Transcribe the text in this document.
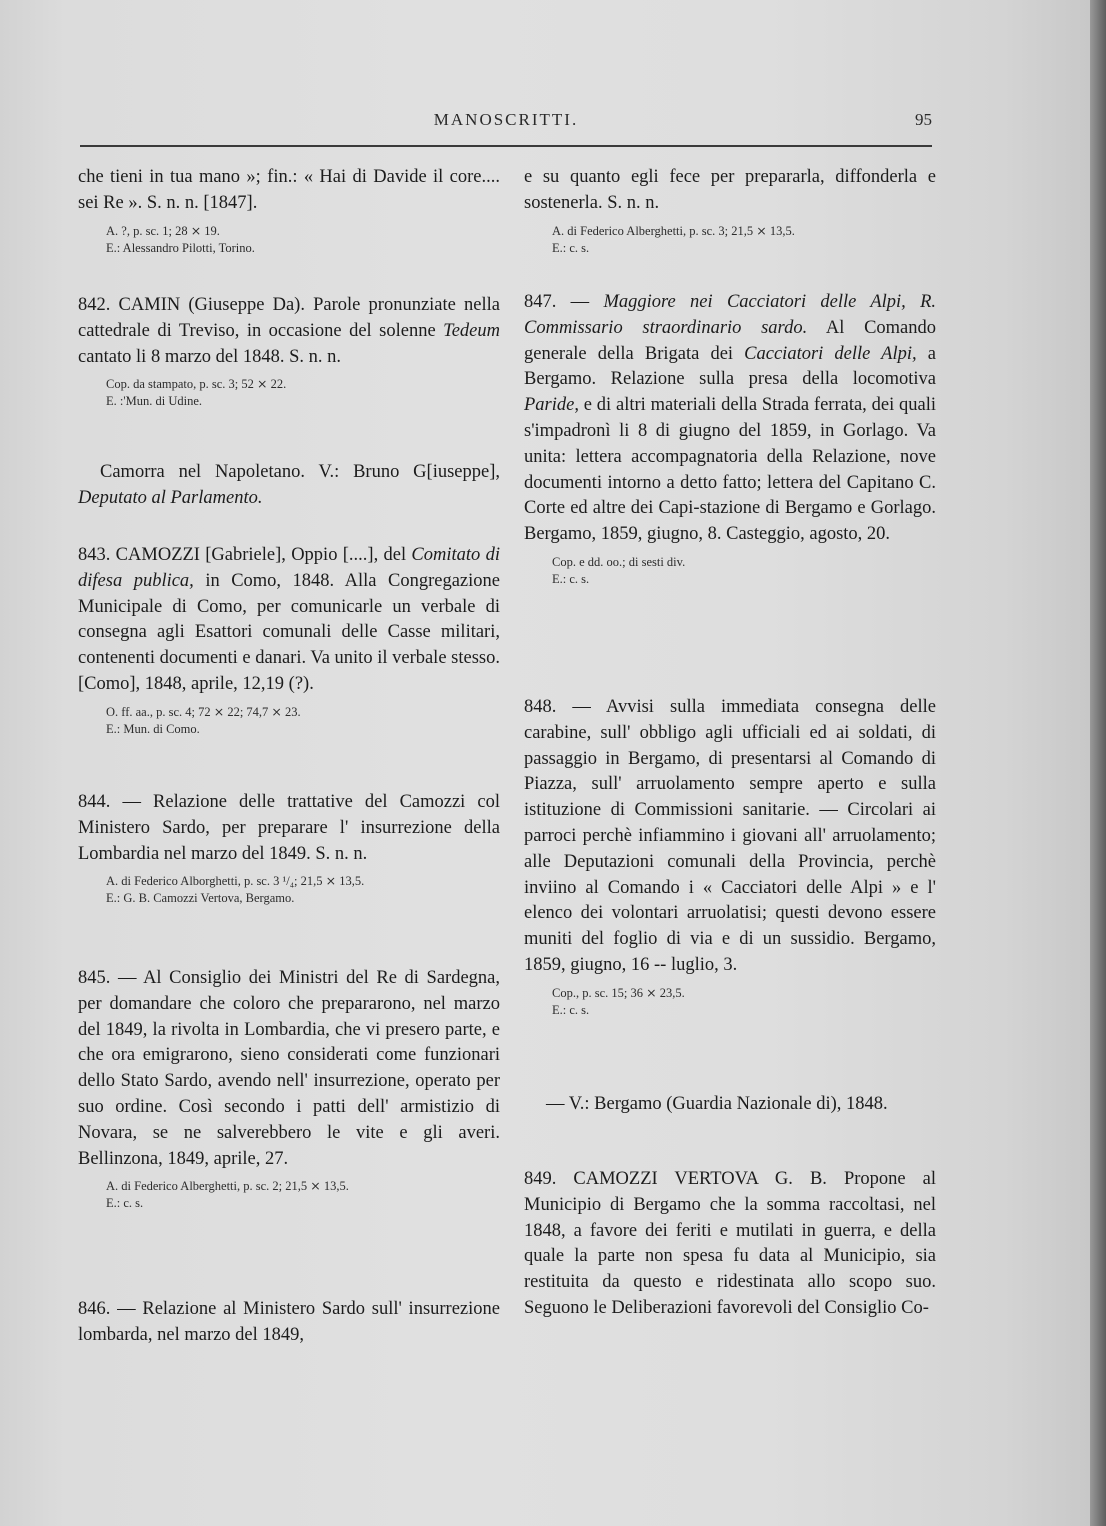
MANOSCRITTI.	95

che tieni in tua mano »; fin.: « Hai di Davide il core.... sei Re ». S. n. n. [1847].

A. ?, p. sc. 1; 28 ⨯ 19.

E.: Alessandro Pilotti, Torino.

842. CAMIN (Giuseppe Da). Parole pronunziate nella cattedrale di Treviso, in occasione del solenne Tedeum cantato li 8 marzo del 1848. S. n. n.

Cop. da stampato, p. sc. 3; 52 ⨯ 22.

E. :'Mun. di Udine.

Camorra nel Napoletano. V.: Bruno G[iuseppe], Deputato al Parlamento.

843. CAMOZZI [Gabriele], Oppio [....], del Comitato di difesa publica, in Como, 1848. Alla Congregazione Municipale di Como, per comunicarle un verbale di consegna agli Esattori comunali delle Casse militari, contenenti documenti e danari. Va unito il verbale stesso. [Como], 1848, aprile, 12,19 (?).

O. ff. aa., p. sc. 4; 72 ⨯ 22; 74,7 ⨯ 23.

E.: Mun. di Como.

844. — Relazione delle trattative del Camozzi col Ministero Sardo, per preparare l' insurrezione della Lombardia nel marzo del 1849. S. n. n.

A. di Federico Alborghetti, p. sc. 3 ¹/₄; 21,5 ⨯ 13,5.

E.: G. B. Camozzi Vertova, Bergamo.

845. — Al Consiglio dei Ministri del Re di Sardegna, per domandare che coloro che prepararono, nel marzo del 1849, la rivolta in Lombardia, che vi presero parte, e che ora emigrarono, sieno considerati come funzionari dello Stato Sardo, avendo nell' insurrezione, operato per suo ordine. Così secondo i patti dell' armistizio di Novara, se ne salverebbero le vite e gli averi. Bellinzona, 1849, aprile, 27.

A. di Federico Alberghetti, p. sc. 2; 21,5 ⨯ 13,5.

E.: c. s.

846. — Relazione al Ministero Sardo sull' insurrezione lombarda, nel marzo del 1849,

e su quanto egli fece per prepararla, diffonderla e sostenerla. S. n. n.

A. di Federico Alberghetti, p. sc. 3; 21,5 ⨯ 13,5.

E.: c. s.

847. — Maggiore nei Cacciatori delle Alpi, R. Commissario straordinario sardo. Al Comando generale della Brigata dei Cacciatori delle Alpi, a Bergamo. Relazione sulla presa della locomotiva Paride, e di altri materiali della Strada ferrata, dei quali s'impadronì li 8 di giugno del 1859, in Gorlago. Va unita: lettera accompagnatoria della Relazione, nove documenti intorno a detto fatto; lettera del Capitano C. Corte ed altre dei Capi-stazione di Bergamo e Gorlago. Bergamo, 1859, giugno, 8. Casteggio, agosto, 20.

Cop. e dd. oo.; di sesti div.

E.: c. s.

848. — Avvisi sulla immediata consegna delle carabine, sull' obbligo agli ufficiali ed ai soldati, di passaggio in Bergamo, di presentarsi al Comando di Piazza, sull' arruolamento sempre aperto e sulla istituzione di Commissioni sanitarie. — Circolari ai parroci perchè infiammino i giovani all' arruolamento; alle Deputazioni comunali della Provincia, perchè inviino al Comando i « Cacciatori delle Alpi » e l' elenco dei volontari arruolatisi; questi devono essere muniti del foglio di via e di un sussidio. Bergamo, 1859, giugno, 16 -- luglio, 3.

Cop., p. sc. 15; 36 ⨯ 23,5.

E.: c. s.

— V.: Bergamo (Guardia Nazionale di), 1848.

849. CAMOZZI VERTOVA G. B. Propone al Municipio di Bergamo che la somma raccoltasi, nel 1848, a favore dei feriti e mutilati in guerra, e della quale la parte non spesa fu data al Municipio, sia restituita da questo e ridestinata allo scopo suo. Seguono le Deliberazioni favorevoli del Consiglio Co-
